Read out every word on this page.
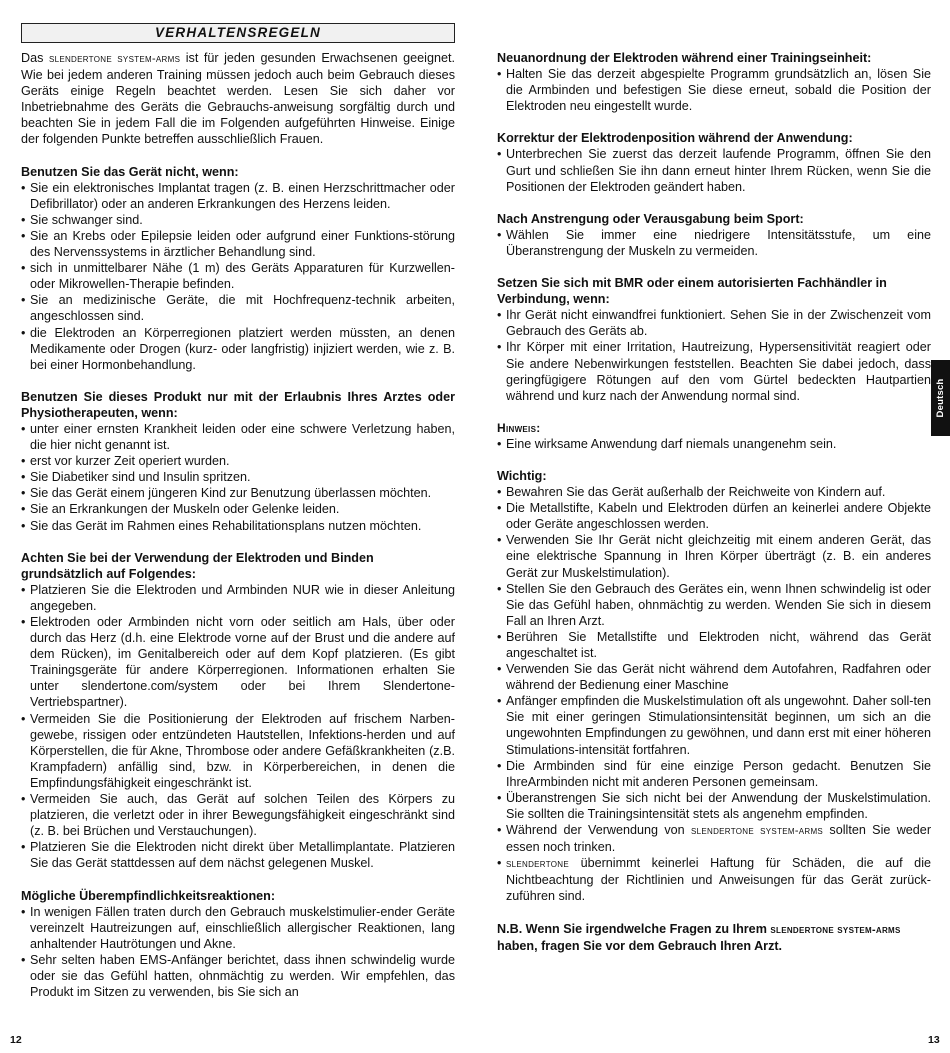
VERHALTENSREGELN

Das slendertone system-arms ist für jeden gesunden Erwachsenen geeignet. Wie bei jedem anderen Training müssen jedoch auch beim Gebrauch dieses Geräts einige Regeln beachtet werden. Lesen Sie sich daher vor Inbetriebnahme des Geräts die Gebrauchs-anweisung sorgfältig durch und beachten Sie in jedem Fall die im Folgenden aufgeführten Hinweise. Einige der folgenden Punkte betreffen ausschließlich Frauen.

Benutzen Sie das Gerät nicht, wenn:

• Sie ein elektronisches Implantat tragen (z. B. einen Herzschrittmacher oder Defibrillator) oder an anderen Erkrankungen des Herzens leiden.
• Sie schwanger sind.
• Sie an Krebs oder Epilepsie leiden oder aufgrund einer Funktions-störung des Nervenssystems in ärztlicher Behandlung sind.
• sich in unmittelbarer Nähe (1 m) des Geräts Apparaturen für Kurzwellen- oder Mikrowellen-Therapie befinden.
• Sie an medizinische Geräte, die mit Hochfrequenz-technik arbeiten, angeschlossen sind.
• die Elektroden an Körperregionen platziert werden müssten, an denen Medikamente oder Drogen (kurz- oder langfristig) injiziert werden, wie z. B. bei einer Hormonbehandlung.

Benutzen Sie dieses Produkt nur mit der Erlaubnis Ihres Arztes oder Physiotherapeuten, wenn:

• unter einer ernsten Krankheit leiden oder eine schwere Verletzung haben, die hier nicht genannt ist.
• erst vor kurzer Zeit operiert wurden.
• Sie Diabetiker sind und Insulin spritzen.
• Sie das Gerät einem jüngeren Kind zur Benutzung überlassen möchten.
• Sie an Erkrankungen der Muskeln oder Gelenke leiden.
• Sie das Gerät im Rahmen eines Rehabilitationsplans nutzen möchten.

Achten Sie bei der Verwendung der Elektroden und Binden grundsätzlich auf Folgendes:

• Platzieren Sie die Elektroden und Armbinden NUR wie in dieser Anleitung angegeben.
• Elektroden oder Armbinden nicht vorn oder seitlich am Hals, über oder durch das Herz (d.h. eine Elektrode vorne auf der Brust und die andere auf dem Rücken), im Genitalbereich oder auf dem Kopf platzieren. (Es gibt Trainingsgeräte für andere Körperregionen. Informationen erhalten Sie unter slendertone.com/system oder bei Ihrem Slendertone-Vertriebspartner).
• Vermeiden Sie die Positionierung der Elektroden auf frischem Narben-gewebe, rissigen oder entzündeten Hautstellen, Infektions-herden und auf Körperstellen, die für Akne, Thrombose oder andere Gefäßkrankheiten (z.B. Krampfadern) anfällig sind, bzw. in Körperbereichen, in denen die Empfindungsfähigkeit eingeschränkt ist.
• Vermeiden Sie auch, das Gerät auf solchen Teilen des Körpers zu platzieren, die verletzt oder in ihrer Bewegungsfähigkeit eingeschränkt sind (z. B. bei Brüchen und Verstauchungen).
• Platzieren Sie die Elektroden nicht direkt über Metallimplantate. Platzieren Sie das Gerät stattdessen auf dem nächst gelegenen Muskel.

Mögliche Überempfindlichkeitsreaktionen:

• In wenigen Fällen traten durch den Gebrauch muskelstimulier-ender Geräte vereinzelt Hautreizungen auf, einschließlich allergischer Reaktionen, lang anhaltender Hautrötungen und Akne.
• Sehr selten haben EMS-Anfänger berichtet, dass ihnen schwindelig wurde oder sie das Gefühl hatten, ohnmächtig zu werden. Wir empfehlen, das Produkt im Sitzen zu verwenden, bis Sie sich an

Neuanordnung der Elektroden während einer Trainingseinheit:

• Halten Sie das derzeit abgespielte Programm grundsätzlich an, lösen Sie die Armbinden und befestigen Sie diese erneut, sobald die Position der Elektroden neu eingestellt wurde.

Korrektur der Elektrodenposition während der Anwendung:

• Unterbrechen Sie zuerst das derzeit laufende Programm, öffnen Sie den Gurt und schließen Sie ihn dann erneut hinter Ihrem Rücken, wenn Sie die Positionen der Elektroden geändert haben.

Nach Anstrengung oder Verausgabung beim Sport:

• Wählen Sie immer eine niedrigere Intensitätsstufe, um eine Überanstrengung der Muskeln zu vermeiden.

Setzen Sie sich mit BMR oder einem autorisierten Fachhändler in Verbindung, wenn:

• Ihr Gerät nicht einwandfrei funktioniert. Sehen Sie in der Zwischenzeit vom Gebrauch des Geräts ab.
• Ihr Körper mit einer Irritation, Hautreizung, Hypersensitivität reagiert oder Sie andere Nebenwirkungen feststellen. Beachten Sie dabei jedoch, dass geringfügigere Rötungen auf den vom Gürtel bedeckten Hautpartien während und kurz nach der Anwendung normal sind.

Hinweis:

• Eine wirksame Anwendung darf niemals unangenehm sein.

Wichtig:

• Bewahren Sie das Gerät außerhalb der Reichweite von Kindern auf.
• Die Metallstifte, Kabeln und Elektroden dürfen an keinerlei andere Objekte oder Geräte angeschlossen werden.
• Verwenden Sie Ihr Gerät nicht gleichzeitig mit einem anderen Gerät, das eine elektrische Spannung in Ihren Körper überträgt (z. B. ein anderes Gerät zur Muskelstimulation).
• Stellen Sie den Gebrauch des Gerätes ein, wenn Ihnen schwindelig ist oder Sie das Gefühl haben, ohnmächtig zu werden. Wenden Sie sich in diesem Fall an Ihren Arzt.
• Berühren Sie Metallstifte und Elektroden nicht, während das Gerät angeschaltet ist.
• Verwenden Sie das Gerät nicht während dem Autofahren, Radfahren oder während der Bedienung einer Maschine
• Anfänger empfinden die Muskelstimulation oft als ungewohnt. Daher soll-ten Sie mit einer geringen Stimulationsintensität beginnen, um sich an die ungewohnten Empfindungen zu gewöhnen, und dann erst mit einer höheren Stimulations-intensität fortfahren.
• Die Armbinden sind für eine einzige Person gedacht. Benutzen Sie IhreArmbinden nicht mit anderen Personen gemeinsam.
• Überanstrengen Sie sich nicht bei der Anwendung der Muskelstimulation. Sie sollten die Trainingsintensität stets als angenehm empfinden.
• Während der Verwendung von slendertone system-arms sollten Sie weder essen noch trinken.
• slendertone übernimmt keinerlei Haftung für Schäden, die auf die Nichtbeachtung der Richtlinien und Anweisungen für das Gerät zurück-zuführen sind.

N.B. Wenn Sie irgendwelche Fragen zu Ihrem slendertone system-arms haben, fragen Sie vor dem Gebrauch Ihren Arzt.

Deutsch
12	13
